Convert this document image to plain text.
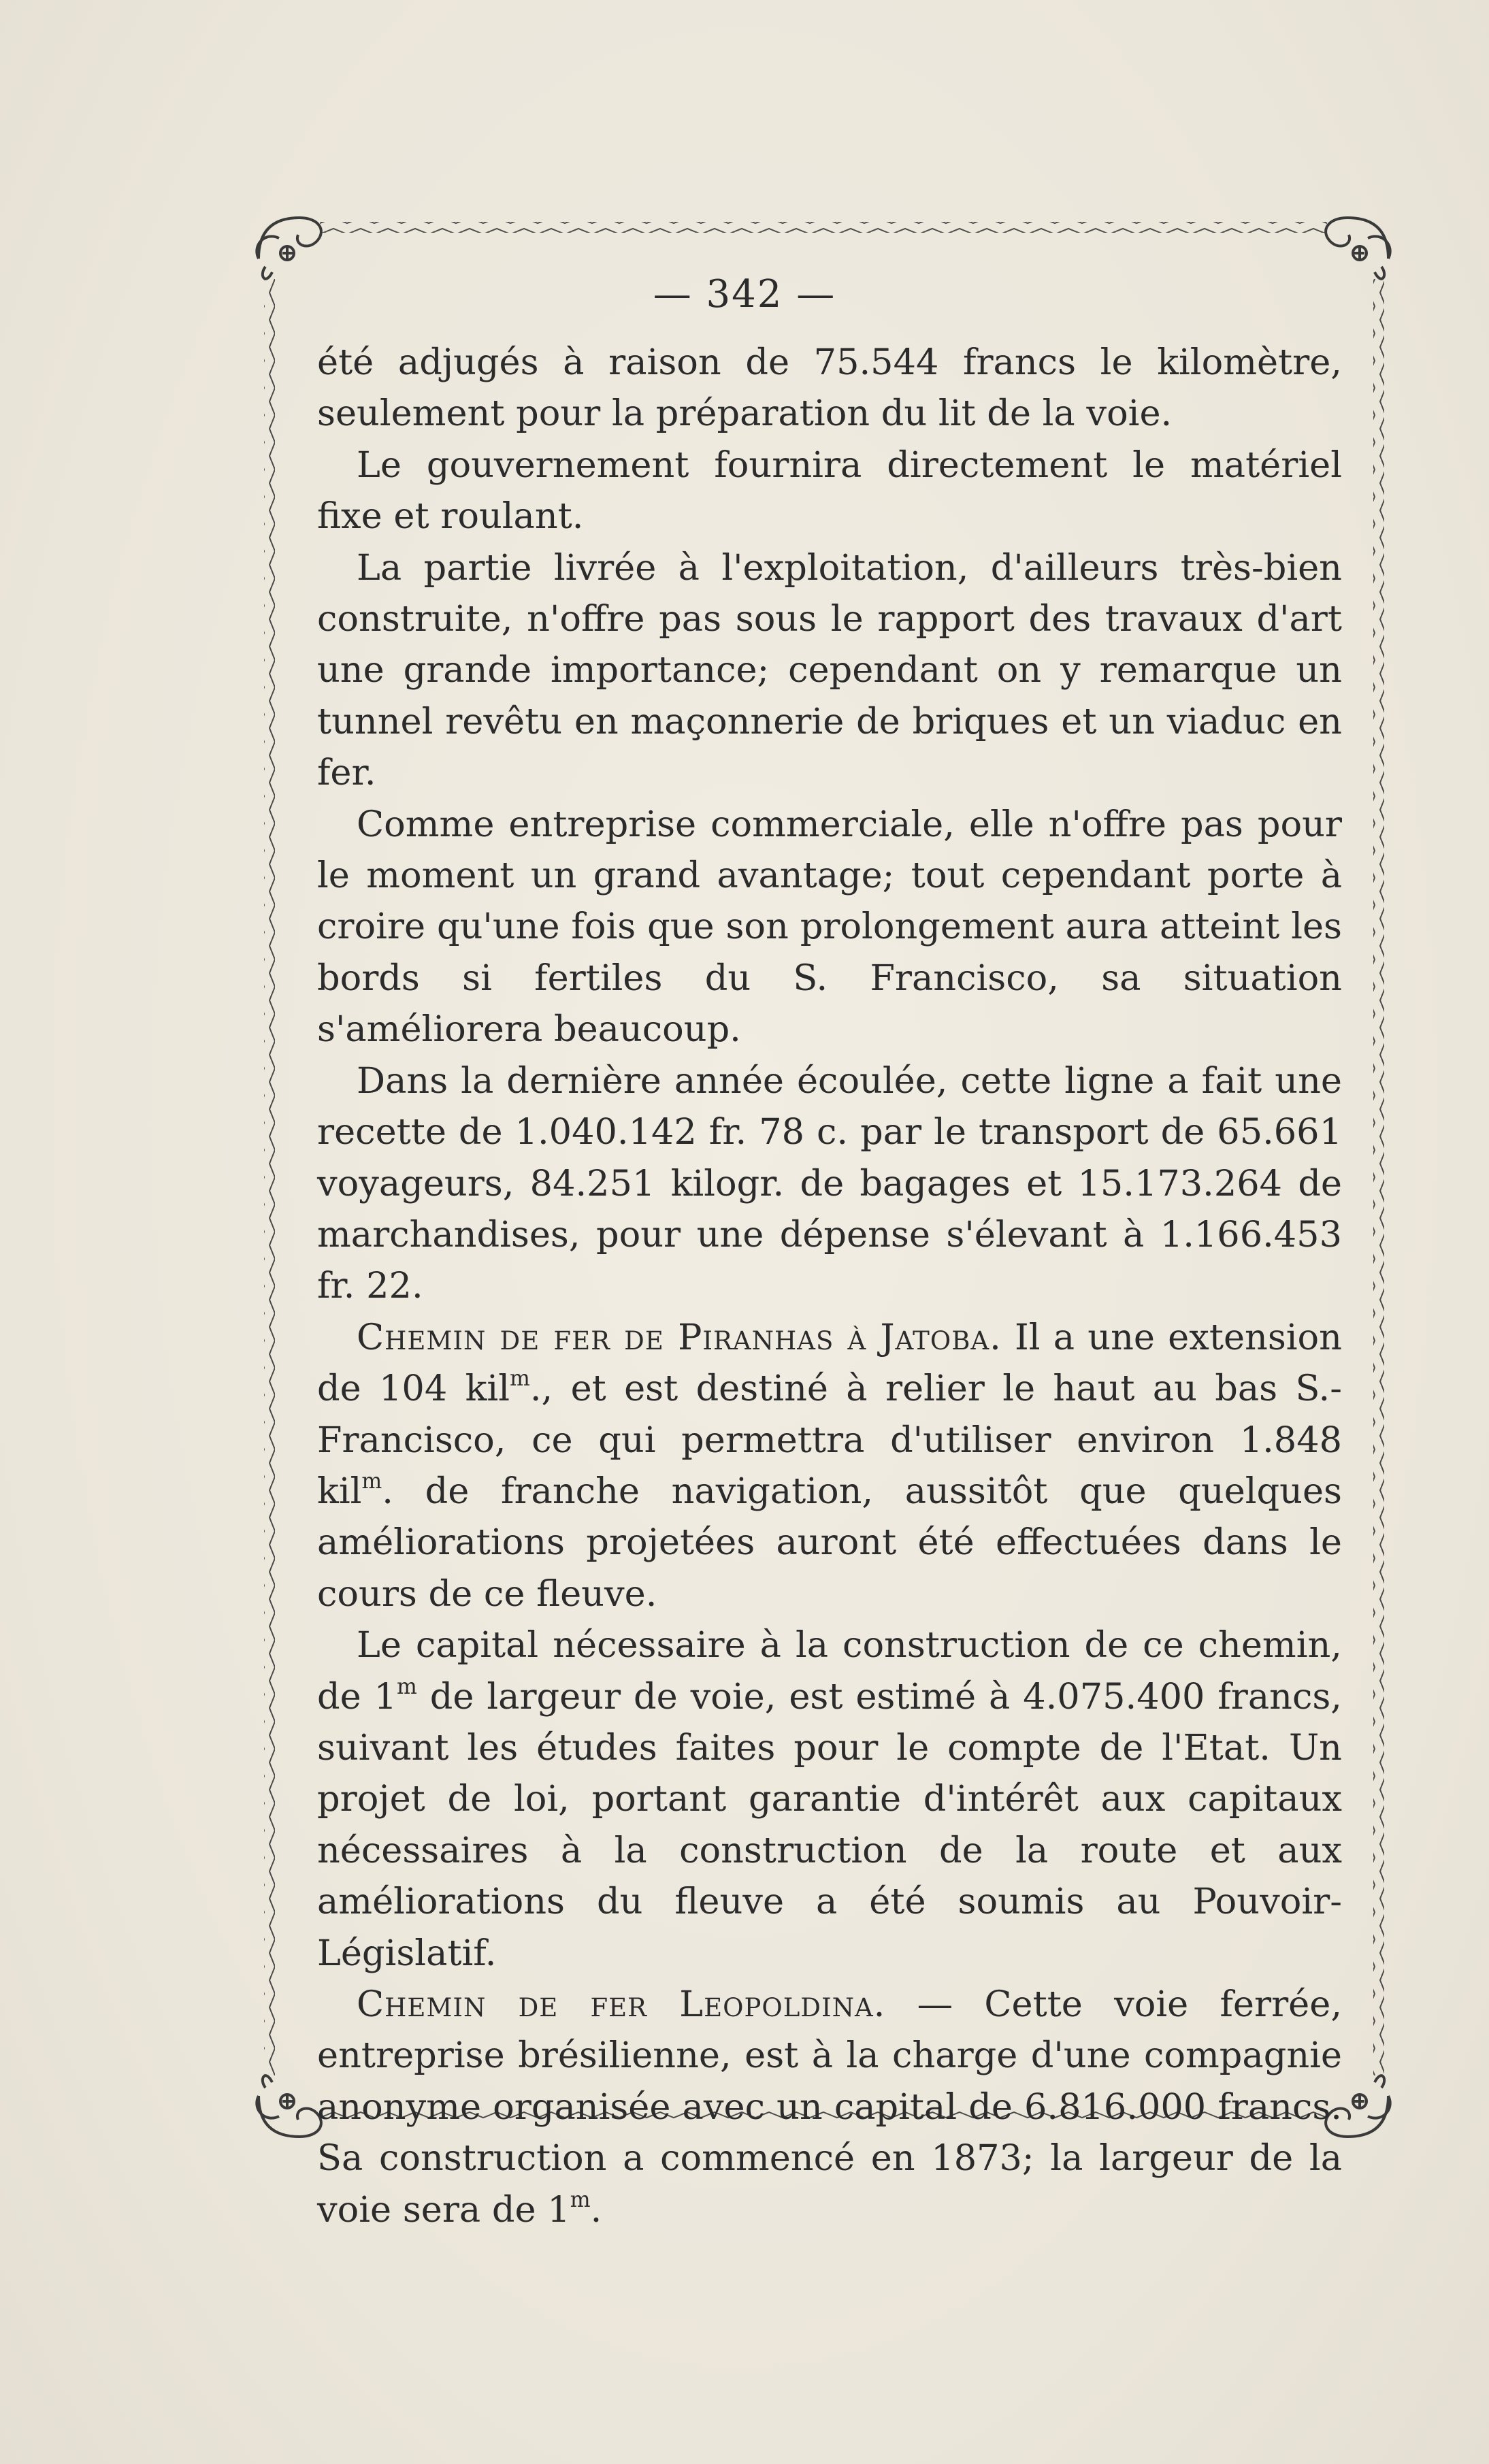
— 342 —

été adjugés à raison de 75.544 francs le kilomètre, seulement pour la préparation du lit de la voie.

Le gouvernement fournira directement le matériel fixe et roulant.

La partie livrée à l'exploitation, d'ailleurs très-bien construite, n'offre pas sous le rapport des travaux d'art une grande importance; cependant on y remarque un tunnel revêtu en maçonnerie de briques et un viaduc en fer.

Comme entreprise commerciale, elle n'offre pas pour le moment un grand avantage; tout cependant porte à croire qu'une fois que son prolongement aura atteint les bords si fertiles du S. Francisco, sa situation s'améliorera beaucoup.

Dans la dernière année écoulée, cette ligne a fait une recette de 1.040.142 fr. 78 c. par le transport de 65.661 voyageurs, 84.251 kilogr. de bagages et 15.173.264 de marchandises, pour une dépense s'élevant à 1.166.453 fr. 22.

Chemin de fer de Piranhas à Jatoba. Il a une extension de 104 kil$^m$., et est destiné à relier le haut au bas S.-Francisco, ce qui permettra d'utiliser environ 1.848 kil$^m$. de franche navigation, aussitôt que quelques améliorations projetées auront été effectuées dans le cours de ce fleuve.

Le capital nécessaire à la construction de ce chemin, de 1$^m$ de largeur de voie, est estimé à 4.075.400 francs, suivant les études faites pour le compte de l'Etat. Un projet de loi, portant garantie d'intérêt aux capitaux nécessaires à la construction de la route et aux améliorations du fleuve a été soumis au Pouvoir-Législatif.

Chemin de fer Leopoldina. — Cette voie ferrée, entreprise brésilienne, est à la charge d'une compagnie anonyme organisée avec un capital de 6.816.000 francs. Sa construction a commencé en 1873; la largeur de la voie sera de 1$^m$.
